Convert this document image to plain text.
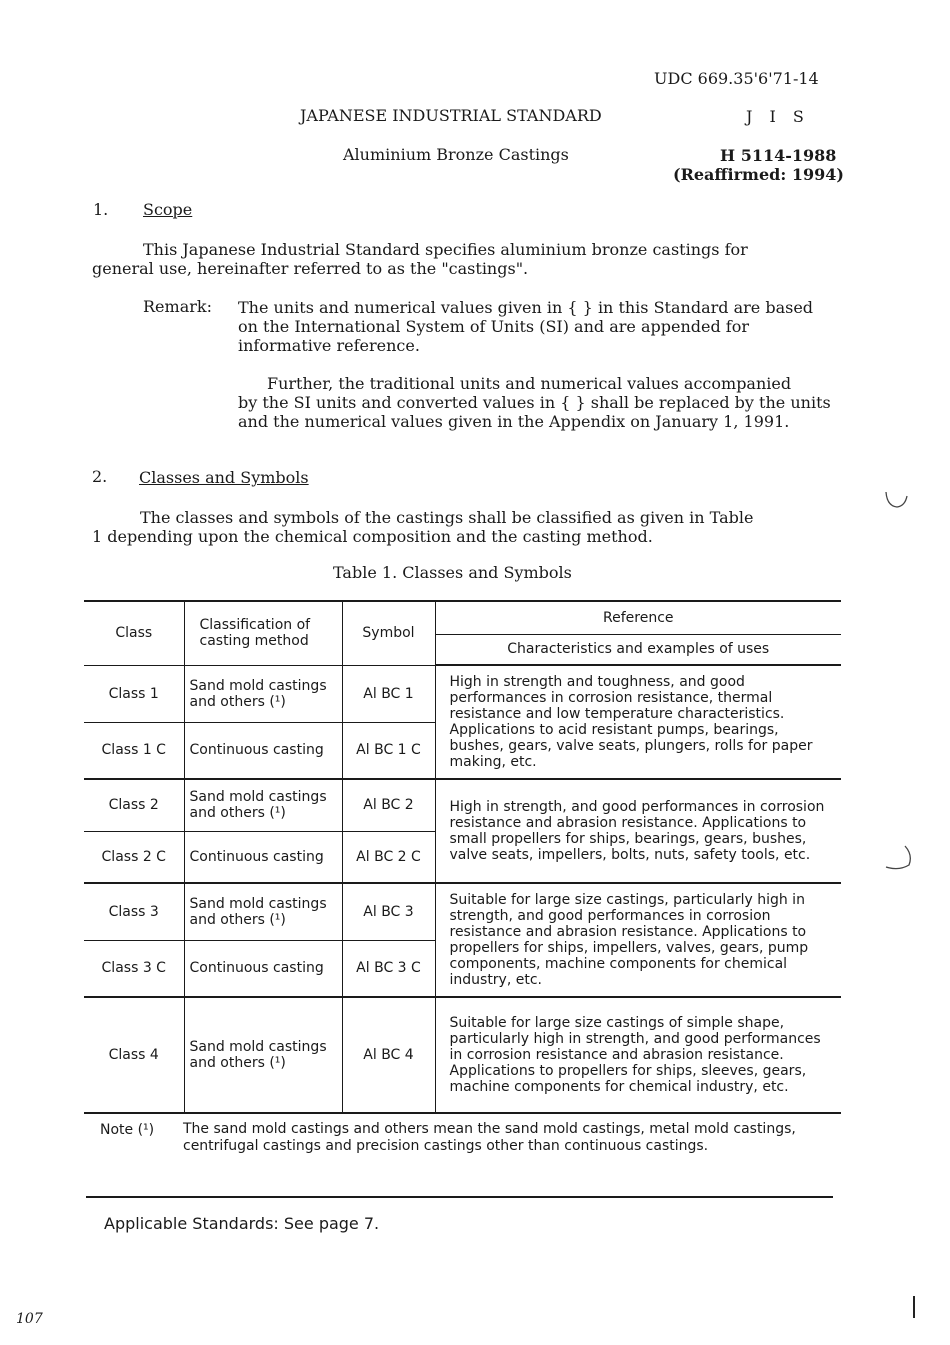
UDC 669.35'6'71-14
JAPANESE INDUSTRIAL STANDARD	J I S
Aluminium Bronze Castings	H 5114-1988
(Reaffirmed: 1994)
1. Scope
This Japanese Industrial Standard specifies aluminium bronze castings for
general use, hereinafter referred to as the "castings".
Remark: The units and numerical values given in { } in this Standard are based on the International System of Units (SI) and are appended for informative reference.
Further, the traditional units and numerical values accompanied
by the SI units and converted values in { } shall be replaced by the units and the numerical values given in the Appendix on January 1, 1991.
2. Classes and Symbols
The classes and symbols of the castings shall be classified as given in Table
1 depending upon the chemical composition and the casting method.
Table 1. Classes and Symbols
Class	Classification of casting method	Symbol	Reference
			Characteristics and examples of uses
Class 1	Sand mold castings and others (¹)	Al BC 1	High in strength and toughness, and good performances in corrosion resistance, thermal resistance and low temperature characteristics. Applications to acid resistant pumps, bearings, bushes, gears, valve seats, plungers, rolls for paper making, etc.
Class 1 C	Continuous casting	Al BC 1 C	
Class 2	Sand mold castings and others (¹)	Al BC 2	High in strength, and good performances in corrosion resistance and abrasion resistance. Applications to small propellers for ships, bearings, gears, bushes, valve seats, impellers, bolts, nuts, safety tools, etc.
Class 2 C	Continuous casting	Al BC 2 C	
Class 3	Sand mold castings and others (¹)	Al BC 3	Suitable for large size castings, particularly high in strength, and good performances in corrosion resistance and abrasion resistance. Applications to propellers for ships, impellers, valves, gears, pump components, machine components for chemical industry, etc.
Class 3 C	Continuous casting	Al BC 3 C	
Class 4	Sand mold castings and others (¹)	Al BC 4	Suitable for large size castings of simple shape, particularly high in strength, and good performances in corrosion resistance and abrasion resistance. Applications to propellers for ships, sleeves, gears, machine components for chemical industry, etc.
Note (¹) The sand mold castings and others mean the sand mold castings, metal mold castings, centrifugal castings and precision castings other than continuous castings.
Applicable Standards: See page 7.
107
